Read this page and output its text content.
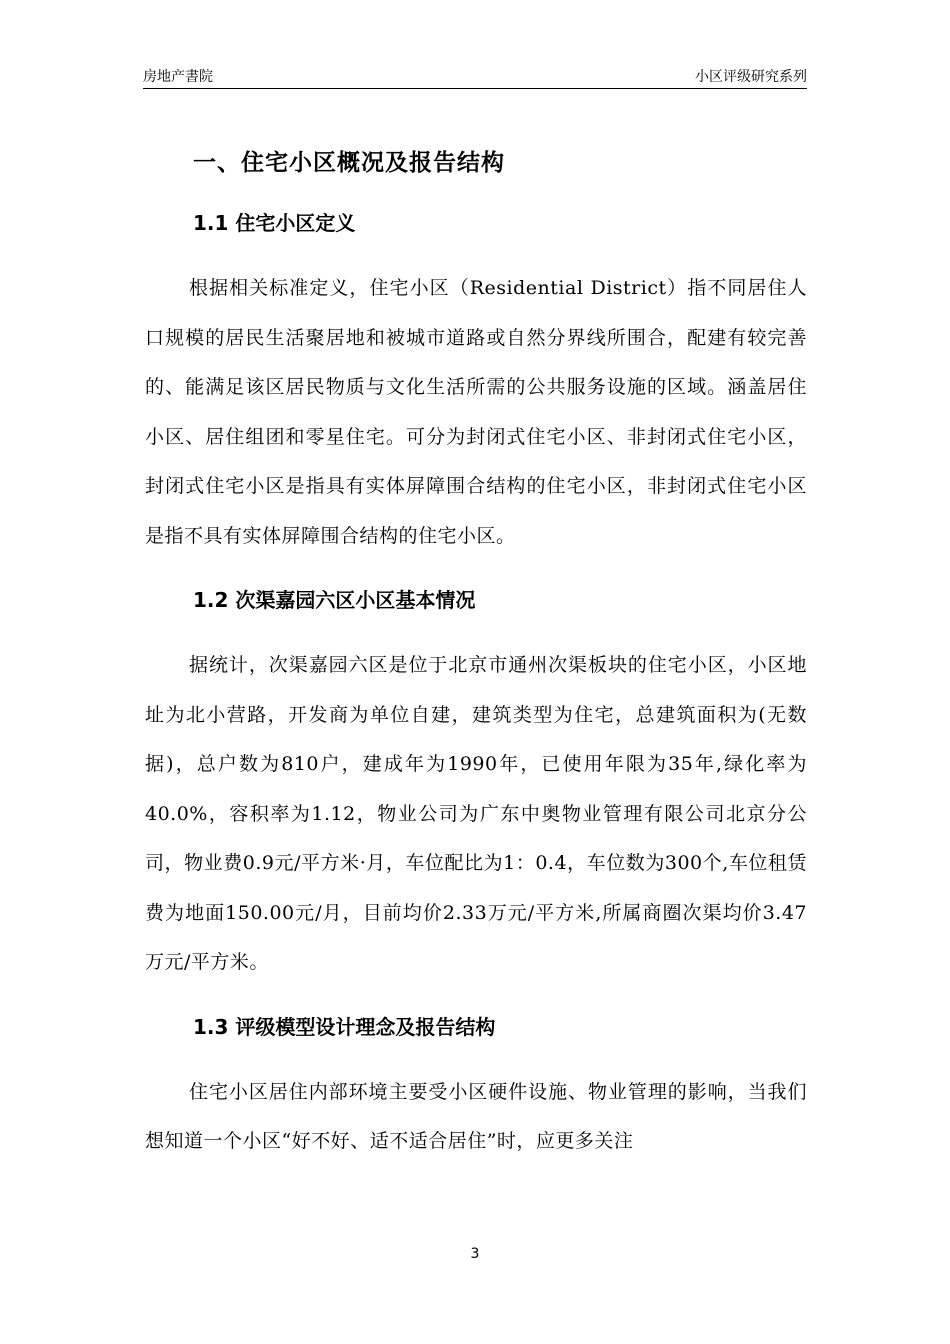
房地产書院	小区评级研究系列
一、住宅小区概况及报告结构
1.1 住宅小区定义

根据相关标准定义，住宅小区（Residential District）指不同居住人口规模的居民生活聚居地和被城市道路或自然分界线所围合，配建有较完善的、能满足该区居民物质与文化生活所需的公共服务设施的区域。涵盖居住小区、居住组团和零星住宅。可分为封闭式住宅小区、非封闭式住宅小区，封闭式住宅小区是指具有实体屏障围合结构的住宅小区，非封闭式住宅小区是指不具有实体屏障围合结构的住宅小区。

1.2 次渠嘉园六区小区基本情况

据统计，次渠嘉园六区是位于北京市通州次渠板块的住宅小区，小区地址为北小营路，开发商为单位自建，建筑类型为住宅，总建筑面积为(无数据)，总户数为810户，建成年为1990年，已使用年限为35年,绿化率为40.0%，容积率为1.12，物业公司为广东中奥物业管理有限公司北京分公司，物业费0.9元/平方米·月，车位配比为1：0.4，车位数为300个,车位租赁费为地面150.00元/月，目前均价2.33万元/平方米,所属商圈次渠均价3.47万元/平方米。

1.3 评级模型设计理念及报告结构

住宅小区居住内部环境主要受小区硬件设施、物业管理的影响，当我们想知道一个小区“好不好、适不适合居住”时，应更多关注

3
